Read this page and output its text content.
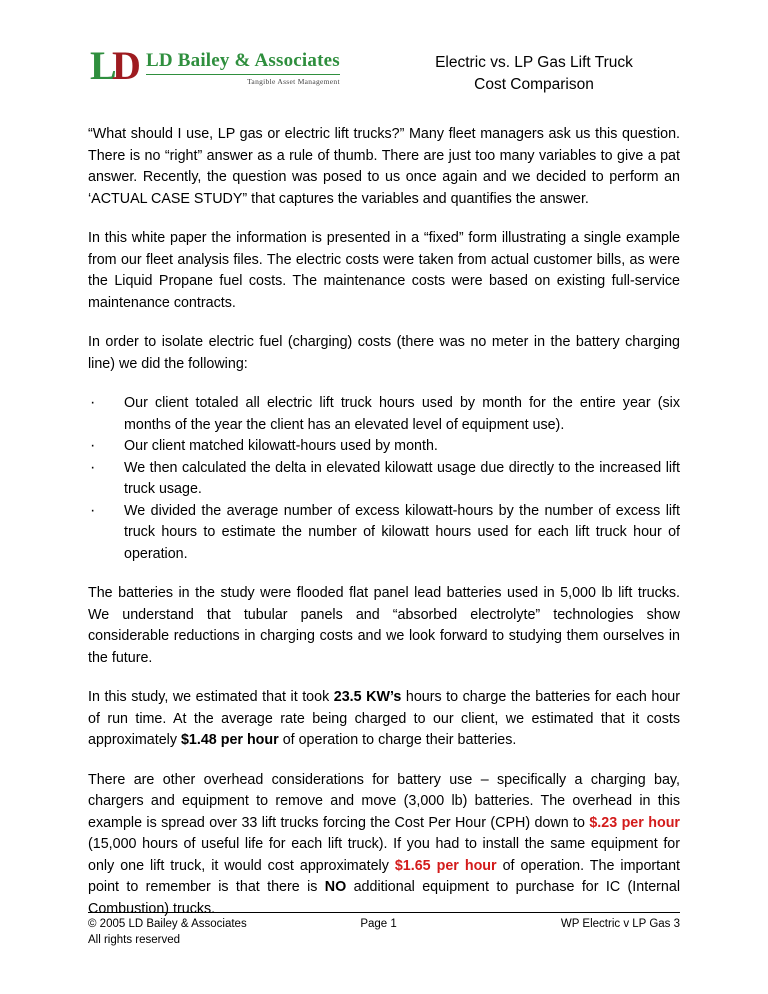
L
D LD Bailey & Associates
Tangible Asset Management
Electric vs. LP Gas Lift Truck
Cost Comparison

“What should I use, LP gas or electric lift trucks?” Many fleet managers ask us this question. There is no “right” answer as a rule of thumb. There are just too many variables to give a pat answer. Recently, the question was posed to us once again and we decided to perform an ‘ACTUAL CASE STUDY” that captures the variables and quantifies the answer.

In this white paper the information is presented in a “fixed” form illustrating a single example from our fleet analysis files. The electric costs were taken from actual customer bills, as were the Liquid Propane fuel costs. The maintenance costs were based on existing full-service maintenance contracts.

In order to isolate electric fuel (charging) costs (there was no meter in the battery charging line) we did the following:

· Our client totaled all electric lift truck hours used by month for the entire year (six months of the year the client has an elevated level of equipment use).
· Our client matched kilowatt-hours used by month.
· We then calculated the delta in elevated kilowatt usage due directly to the increased lift truck usage.
· We divided the average number of excess kilowatt-hours by the number of excess lift truck hours to estimate the number of kilowatt hours used for each lift truck hour of operation.

The batteries in the study were flooded flat panel lead batteries used in 5,000 lb lift trucks. We understand that tubular panels and “absorbed electrolyte” technologies show considerable reductions in charging costs and we look forward to studying them ourselves in the future.

In this study, we estimated that it took 23.5 KW’s hours to charge the batteries for each hour of run time. At the average rate being charged to our client, we estimated that it costs approximately $1.48 per hour of operation to charge their batteries.

There are other overhead considerations for battery use – specifically a charging bay, chargers and equipment to remove and move (3,000 lb) batteries. The overhead in this example is spread over 33 lift trucks forcing the Cost Per Hour (CPH) down to $.23 per hour (15,000 hours of useful life for each lift truck). If you had to install the same equipment for only one lift truck, it would cost approximately $1.65 per hour of operation. The important point to remember is that there is NO additional equipment to purchase for IC (Internal Combustion) trucks.

© 2005 LD Bailey & Associates	Page 1	WP Electric v LP Gas 3
All rights reserved
